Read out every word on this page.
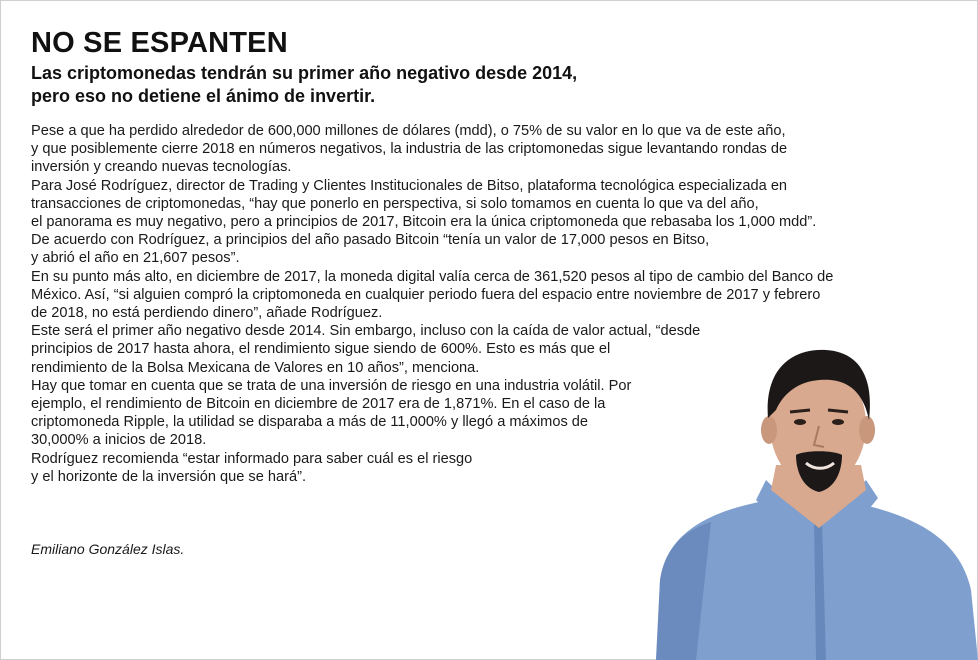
NO SE ESPANTEN
Las criptomonedas tendrán su primer año negativo desde 2014,
pero eso no detiene el ánimo de invertir.
Pese a que ha perdido alrededor de 600,000 millones de dólares (mdd), o 75% de su valor en lo que va de este año,
y que posiblemente cierre 2018 en números negativos, la industria de las criptomonedas sigue levantando rondas de
inversión y creando nuevas tecnologías.
Para José Rodríguez, director de Trading y Clientes Institucionales de Bitso, plataforma tecnológica especializada en
transacciones de criptomonedas, “hay que ponerlo en perspectiva, si solo tomamos en cuenta lo que va del año,
el panorama es muy negativo, pero a principios de 2017, Bitcoin era la única criptomoneda que rebasaba los 1,000 mdd”.
De acuerdo con Rodríguez, a principios del año pasado Bitcoin “tenía un valor de 17,000 pesos en Bitso,
y abrió el año en 21,607 pesos”.
En su punto más alto, en diciembre de 2017, la moneda digital valía cerca de 361,520 pesos al tipo de cambio del Banco de
México. Así, “si alguien compró la criptomoneda en cualquier periodo fuera del espacio entre noviembre de 2017 y febrero
de 2018, no está perdiendo dinero”, añade Rodríguez.
Este será el primer año negativo desde 2014. Sin embargo, incluso con la caída de valor actual, “desde
principios de 2017 hasta ahora, el rendimiento sigue siendo de 600%. Esto es más que el
rendimiento de la Bolsa Mexicana de Valores en 10 años”, menciona.
Hay que tomar en cuenta que se trata de una inversión de riesgo en una industria volátil. Por
ejemplo, el rendimiento de Bitcoin en diciembre de 2017 era de 1,871%. En el caso de la
criptomoneda Ripple, la utilidad se disparaba a más de 11,000% y llegó a máximos de
30,000% a inicios de 2018.
Rodríguez recomienda “estar informado para saber cuál es el riesgo
y el horizonte de la inversión que se hará”.
Emiliano González Islas.
